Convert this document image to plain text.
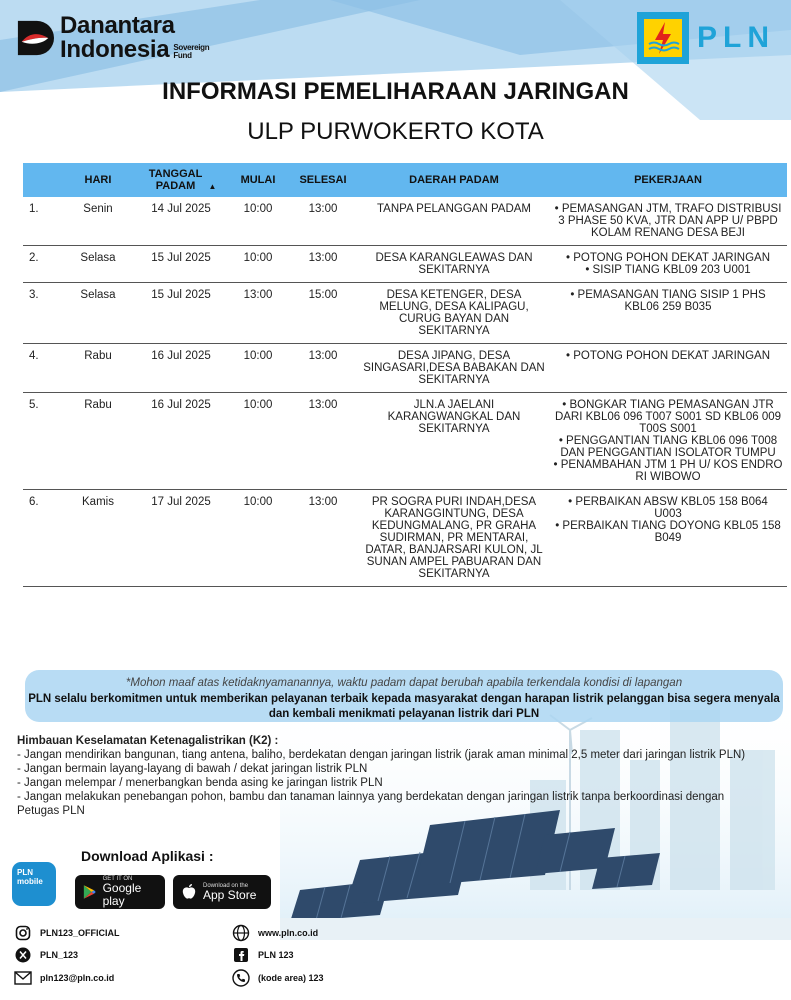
Danantara
Indonesia Sovereign
Fund
PLN
INFORMASI PEMELIHARAAN JARINGAN
ULP PURWOKERTO KOTA
	HARI	TANGGAL PADAM ▲	MULAI	SELESAI	DAERAH PADAM	PEKERJAAN
1.	Senin	14 Jul 2025	10:00	13:00	TANPA PELANGGAN PADAM	• PEMASANGAN JTM, TRAFO DISTRIBUSI 3 PHASE 50 KVA, JTR DAN APP U/ PBPD KOLAM RENANG DESA BEJI

2.	Selasa	15 Jul 2025	10:00	13:00	DESA KARANGLEAWAS DAN SEKITARNYA	• POTONG POHON DEKAT JARINGAN
• SISIP TIANG KBL09 203 U001

3.	Selasa	15 Jul 2025	13:00	15:00	DESA KETENGER, DESA MELUNG, DESA KALIPAGU, CURUG BAYAN DAN SEKITARNYA	• PEMASANGAN TIANG SISIP 1 PHS KBL06 259 B035

4.	Rabu	16 Jul 2025	10:00	13:00	DESA JIPANG, DESA SINGASARI,DESA BABAKAN DAN SEKITARNYA	• POTONG POHON DEKAT JARINGAN

5.	Rabu	16 Jul 2025	10:00	13:00	JLN.A JAELANI KARANGWANGKAL DAN SEKITARNYA	• BONGKAR TIANG PEMASANGAN JTR DARI KBL06 096 T007 S001 SD KBL06 009 T00S S001
• PENGGANTIAN TIANG KBL06 096 T008 DAN PENGGANTIAN ISOLATOR TUMPU
• PENAMBAHAN JTM 1 PH U/ KOS ENDRO RI WIBOWO

6.	Kamis	17 Jul 2025	10:00	13:00	PR SOGRA PURI INDAH,DESA KARANGGINTUNG, DESA KEDUNGMALANG, PR GRAHA SUDIRMAN, PR MENTARAI, DATAR, BANJARSARI KULON, JL SUNAN AMPEL PABUARAN DAN SEKITARNYA	• PERBAIKAN ABSW KBL05 158 B064 U003
• PERBAIKAN TIANG DOYONG KBL05 158 B049
*Mohon maaf atas ketidaknyamanannya, waktu padam dapat berubah apabila terkendala kondisi di lapangan
PLN selalu berkomitmen untuk memberikan pelayanan terbaik kepada masyarakat dengan harapan listrik pelanggan bisa segera menyala dan kembali menikmati pelayanan listrik dari PLN
Himbauan Keselamatan Ketenagalistrikan (K2) :
- Jangan mendirikan bangunan, tiang antena, baliho, berdekatan dengan jaringan listrik (jarak aman minimal 2,5 meter dari jaringan listrik PLN)
- Jangan bermain layang-layang di bawah / dekat jaringan listrik PLN
- Jangan melempar / menerbangkan benda asing ke jaringan listrik PLN
- Jangan melakukan penebangan pohon, bambu dan tanaman lainnya yang berdekatan dengan jaringan listrik tanpa berkoordinasi dengan Petugas PLN
Download Aplikasi :
PLN
mobile	GET IT ON
Google play
Download on the
App Store
PLN123_OFFICIAL
PLN_123
pln123@pln.co.id
www.pln.co.id
PLN 123
(kode area) 123
